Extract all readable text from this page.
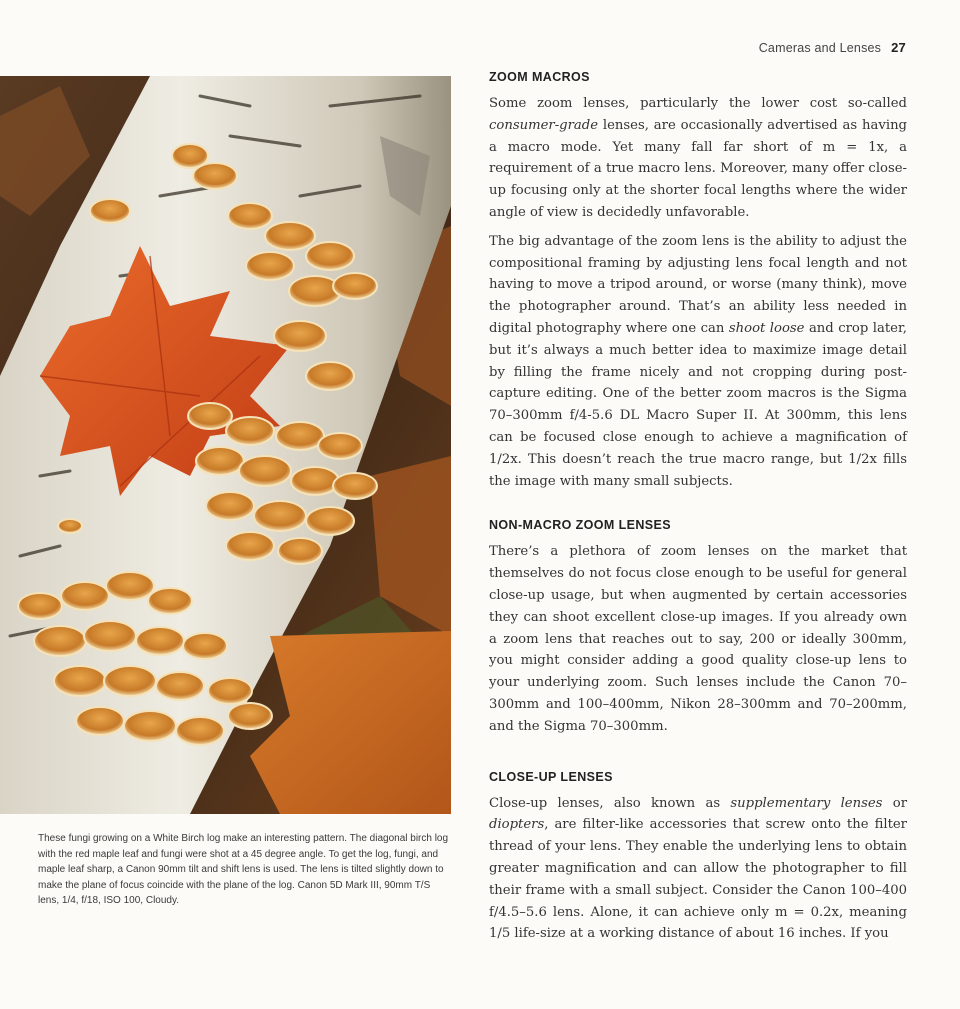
Cameras and Lenses 27
These fungi growing on a White Birch log make an interesting pattern. The diagonal birch log with the red maple leaf and fungi were shot at a 45 degree angle. To get the log, fungi, and maple leaf sharp, a Canon 90mm tilt and shift lens is used. The lens is tilted slightly down to make the plane of focus coincide with the plane of the log. Canon 5D Mark III, 90mm T/S lens, 1/4, f/18, ISO 100, Cloudy.
ZOOM MACROS

Some zoom lenses, particularly the lower cost so-called consumer-grade lenses, are occasionally advertised as having a macro mode. Yet many fall far short of m = 1x, a requirement of a true macro lens. Moreover, many offer close-up focusing only at the shorter focal lengths where the wider angle of view is decidedly unfavorable.

The big advantage of the zoom lens is the ability to adjust the compositional framing by adjusting lens focal length and not having to move a tripod around, or worse (many think), move the photographer around. That’s an ability less needed in digital photography where one can shoot loose and crop later, but it’s always a much better idea to maximize image detail by filling the frame nicely and not cropping during post-capture editing. One of the better zoom macros is the Sigma 70–300mm f/4-5.6 DL Macro Super II. At 300mm, this lens can be focused close enough to achieve a magnification of 1/2x. This doesn’t reach the true macro range, but 1/2x fills the image with many small subjects.

NON-MACRO ZOOM LENSES

There’s a plethora of zoom lenses on the market that themselves do not focus close enough to be useful for general close-up usage, but when augmented by certain accessories they can shoot excellent close-up images. If you already own a zoom lens that reaches out to say, 200 or ideally 300mm, you might consider adding a good quality close-up lens to your underlying zoom. Such lenses include the Canon 70–300mm and 100–400mm, Nikon 28–300mm and 70–200mm, and the Sigma 70–300mm.

CLOSE-UP LENSES

Close-up lenses, also known as supplementary lenses or diopters, are filter-like accessories that screw onto the filter thread of your lens. They enable the underlying lens to obtain greater magnification and can allow the photographer to fill their frame with a small subject. Consider the Canon 100–400 f/4.5–5.6 lens. Alone, it can achieve only m = 0.2x, meaning 1/5 life-size at a working distance of about 16 inches. If you
